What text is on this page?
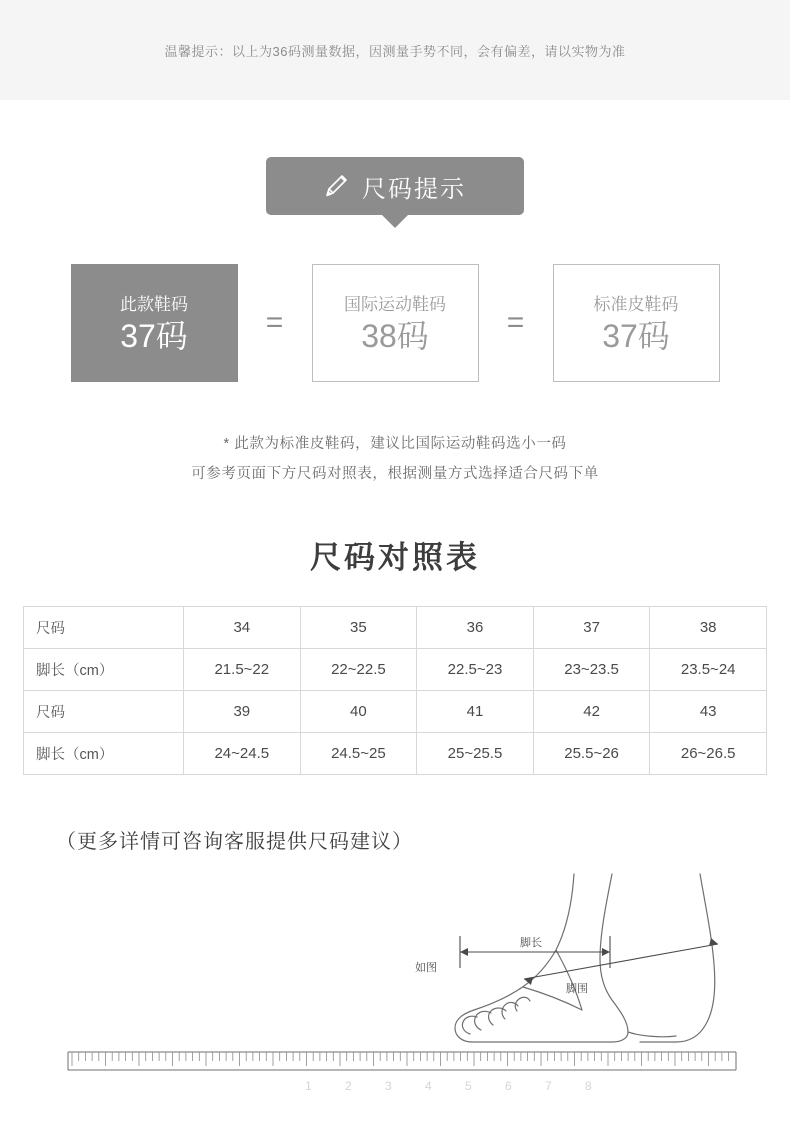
温馨提示：以上为36码测量数据，因测量手势不同，会有偏差，请以实物为准
尺码提示
此款鞋码
37码	=
国际运动鞋码
38码	=
标准皮鞋码
37码
* 此款为标准皮鞋码，建议比国际运动鞋码选小一码
可参考页面下方尺码对照表，根据测量方式选择适合尺码下单
尺码对照表
尺码	34	35	36	37	38
脚长（cm）	21.5~22	22~22.5	22.5~23	23~23.5	23.5~24
尺码	39	40	41	42	43
脚长（cm）	24~24.5	24.5~25	25~25.5	25.5~26	26~26.5
（更多详情可咨询客服提供尺码建议）
脚长
如图
脚围
1	2	3	4	5	6	7	8
